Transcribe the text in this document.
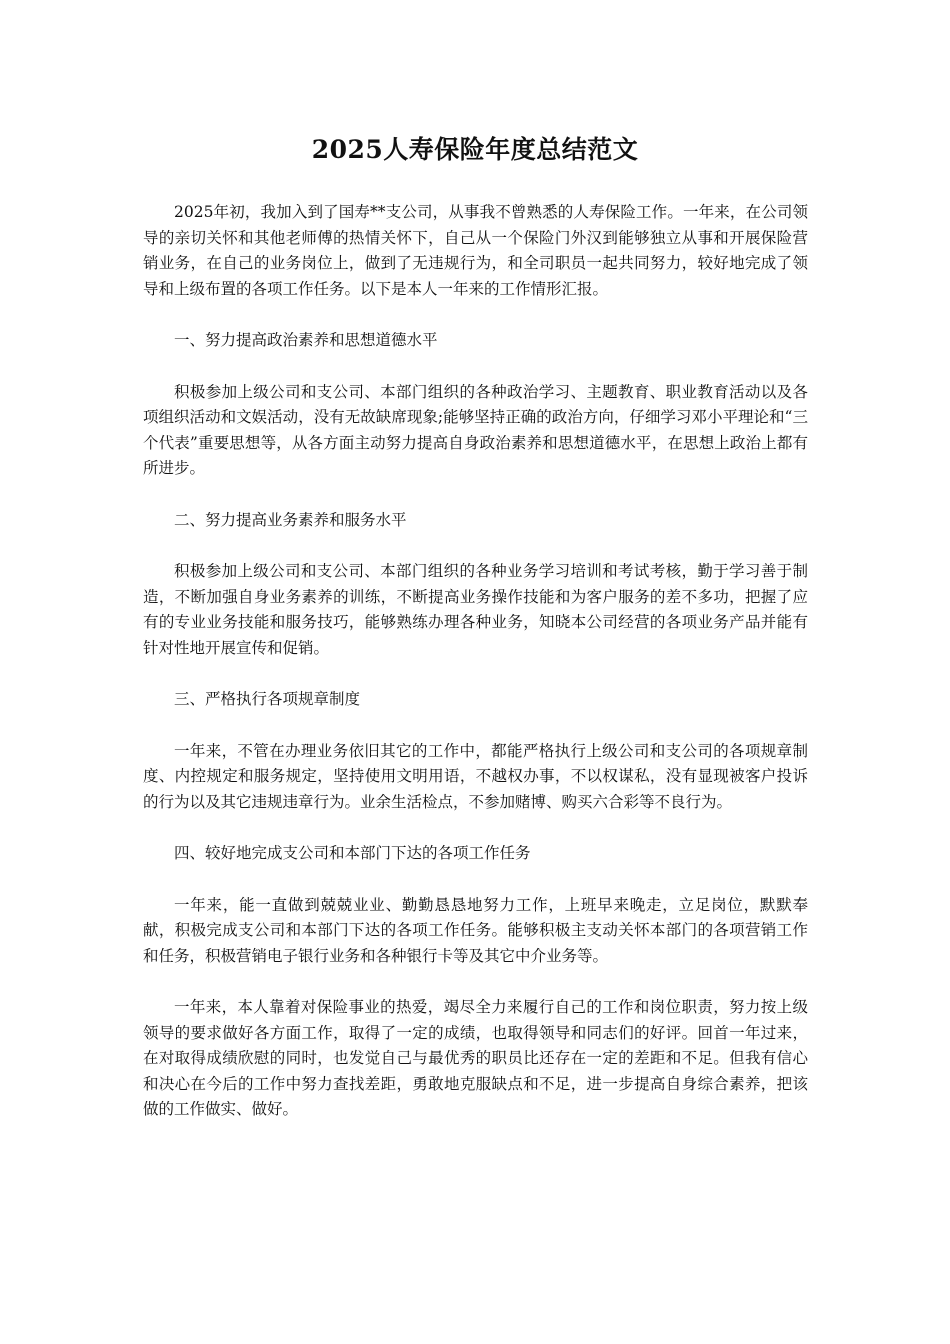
2025人寿保险年度总结范文

2025年初，我加入到了国寿**支公司，从事我不曾熟悉的人寿保险工作。一年来，在公司领导的亲切关怀和其他老师傅的热情关怀下，自己从一个保险门外汉到能够独立从事和开展保险营销业务，在自己的业务岗位上，做到了无违规行为，和全司职员一起共同努力，较好地完成了领导和上级布置的各项工作任务。以下是本人一年来的工作情形汇报。

一、努力提高政治素养和思想道德水平

积极参加上级公司和支公司、本部门组织的各种政治学习、主题教育、职业教育活动以及各项组织活动和文娱活动，没有无故缺席现象;能够坚持正确的政治方向，仔细学习邓小平理论和“三个代表”重要思想等，从各方面主动努力提高自身政治素养和思想道德水平，在思想上政治上都有所进步。

二、努力提高业务素养和服务水平

积极参加上级公司和支公司、本部门组织的各种业务学习培训和考试考核，勤于学习善于制造，不断加强自身业务素养的训练，不断提高业务操作技能和为客户服务的差不多功，把握了应有的专业业务技能和服务技巧，能够熟练办理各种业务，知晓本公司经营的各项业务产品并能有针对性地开展宣传和促销。

三、严格执行各项规章制度

一年来，不管在办理业务依旧其它的工作中，都能严格执行上级公司和支公司的各项规章制度、内控规定和服务规定，坚持使用文明用语，不越权办事，不以权谋私，没有显现被客户投诉的行为以及其它违规违章行为。业余生活检点，不参加赌博、购买六合彩等不良行为。

四、较好地完成支公司和本部门下达的各项工作任务

一年来，能一直做到兢兢业业、勤勤恳恳地努力工作，上班早来晚走，立足岗位，默默奉献，积极完成支公司和本部门下达的各项工作任务。能够积极主支动关怀本部门的各项营销工作和任务，积极营销电子银行业务和各种银行卡等及其它中介业务等。

一年来，本人靠着对保险事业的热爱，竭尽全力来履行自己的工作和岗位职责，努力按上级领导的要求做好各方面工作，取得了一定的成绩，也取得领导和同志们的好评。回首一年过来，在对取得成绩欣慰的同时，也发觉自己与最优秀的职员比还存在一定的差距和不足。但我有信心和决心在今后的工作中努力查找差距，勇敢地克服缺点和不足，进一步提高自身综合素养，把该做的工作做实、做好。
